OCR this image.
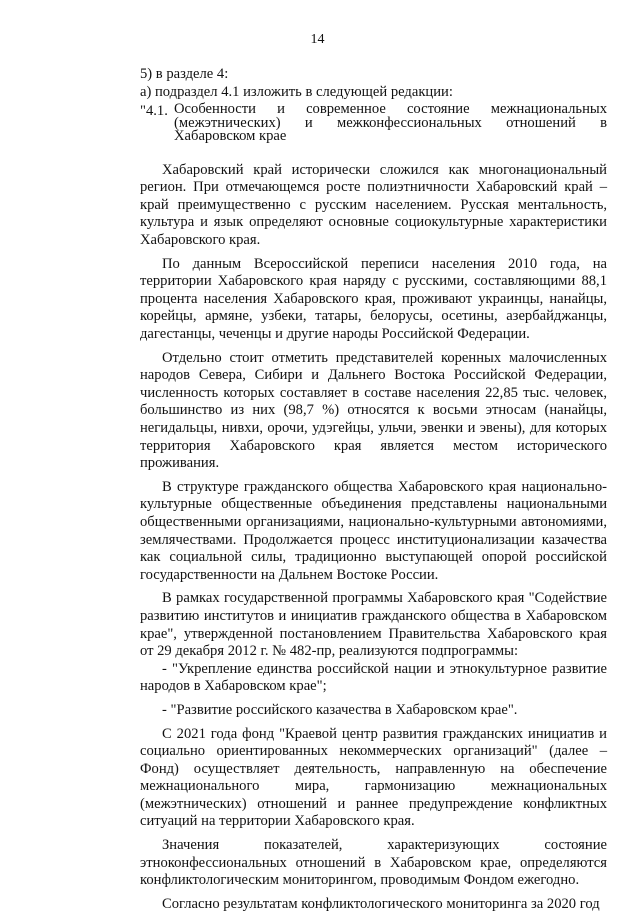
14
5) в разделе 4:
а) подраздел 4.1 изложить в следующей редакции:
"4.1. Особенности и современное состояние межнациональных
(межэтнических) и межконфессиональных отношений в
Хабаровском крае

Хабаровский край исторически сложился как многонациональный регион. При отмечающемся росте полиэтничности Хабаровский край – край преимущественно с русским населением. Русская ментальность, культура и язык определяют основные социокультурные характеристики Хабаровского края.

По данным Всероссийской переписи населения 2010 года, на территории Хабаровского края наряду с русскими, составляющими 88,1 процента населения Хабаровского края, проживают украинцы, нанайцы, корейцы, армяне, узбеки, татары, белорусы, осетины, азербайджанцы, дагестанцы, чеченцы и другие народы Российской Федерации.

Отдельно стоит отметить представителей коренных малочисленных народов Севера, Сибири и Дальнего Востока Российской Федерации, численность которых составляет в составе населения 22,85 тыс. человек, большинство из них (98,7 %) относятся к восьми этносам (нанайцы, негидальцы, нивхи, орочи, удэгейцы, ульчи, эвенки и эвены), для которых территория Хабаровского края является местом исторического проживания.

В структуре гражданского общества Хабаровского края национально-культурные общественные объединения представлены национальными общественными организациями, национально-культурными автономиями, землячествами. Продолжается процесс институционализации казачества как социальной силы, традиционно выступающей опорой российской государственности на Дальнем Востоке России.

В рамках государственной программы Хабаровского края "Содействие развитию институтов и инициатив гражданского общества в Хабаровском крае", утвержденной постановлением Правительства Хабаровского края от 29 декабря 2012 г. № 482-пр, реализуются подпрограммы:

- "Укрепление единства российской нации и этнокультурное развитие народов в Хабаровском крае";

- "Развитие российского казачества в Хабаровском крае".

С 2021 года фонд "Краевой центр развития гражданских инициатив и социально ориентированных некоммерческих организаций" (далее – Фонд) осуществляет деятельность, направленную на обеспечение межнационального мира, гармонизацию межнациональных (межэтнических) отношений и раннее предупреждение конфликтных ситуаций на территории Хабаровского края.

Значения показателей, характеризующих состояние этноконфессиональных отношений в Хабаровском крае, определяются конфликтологическим мониторингом, проводимым Фондом ежегодно.

Согласно результатам конфликтологического мониторинга за 2020 год
